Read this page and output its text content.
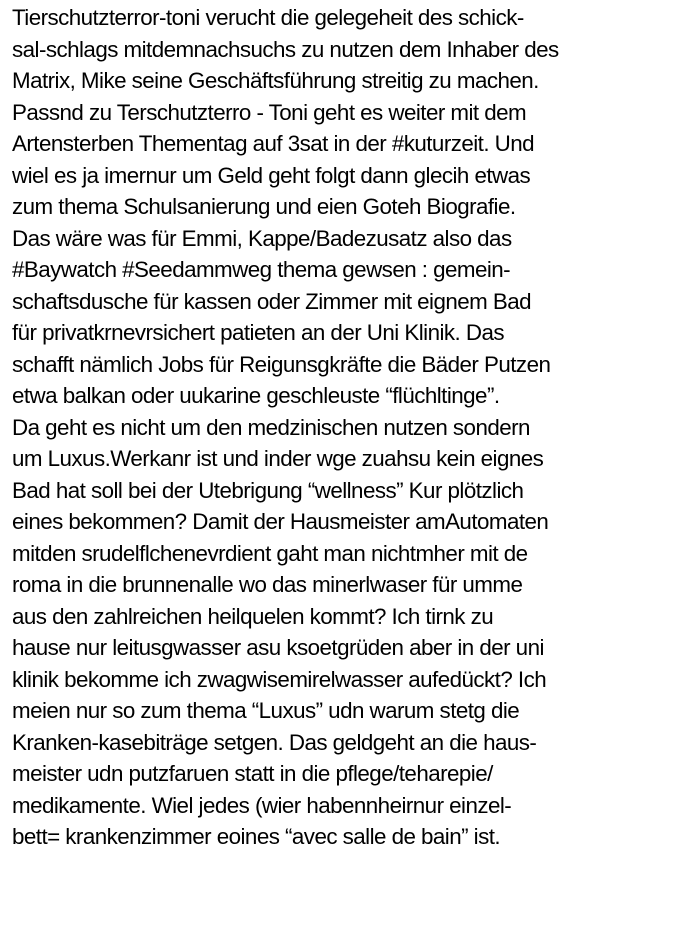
Tierschutzterror-toni verucht die gelegeheit des schick-
sal-schlags mitdemnachsuchs zu nutzen dem Inhaber des
Matrix, Mike seine Geschäftsführung streitig zu machen.
Passnd zu Terschutzterro - Toni geht es weiter mit dem
Artensterben Thementag auf 3sat in der #kuturzeit. Und
wiel es ja imernur um Geld geht folgt dann glecih etwas
zum thema Schulsanierung und eien Goteh Biografie.
Das wäre was für Emmi, Kappe/Badezusatz also das
#Baywatch #Seedammweg thema gewsen : gemein-
schaftsdusche für kassen oder Zimmer mit eignem Bad
für privatkrnevrsichert patieten an der Uni Klinik. Das
schafft nämlich Jobs für Reigunsgkräfte die Bäder Putzen
etwa balkan oder uukarine geschleuste “flüchltinge”.
Da geht es nicht um den medzinischen nutzen sondern
um Luxus.Werkanr ist und inder wge zuahsu kein eignes
Bad hat soll bei der Utebrigung “wellness” Kur plötzlich
eines bekommen? Damit der Hausmeister amAutomaten
mitden srudelflchenevrdient gaht man nichtmher mit de
roma in die brunnenalle wo das minerlwaser für umme
aus den zahlreichen heilquelen kommt? Ich tirnk zu
hause nur leitusgwasser asu ksoetgrüden aber in der uni
klinik bekomme ich zwagwisemirelwasser aufedückt? Ich
meien nur so zum thema “Luxus” udn warum stetg die
Kranken-kasebiträge setgen. Das geldgeht an die haus-
meister udn putzfaruen statt in die pflege/teharepie/
medikamente. Wiel jedes (wier habennheirnur einzel-
bett= krankenzimmer eoines “avec salle de bain” ist.
